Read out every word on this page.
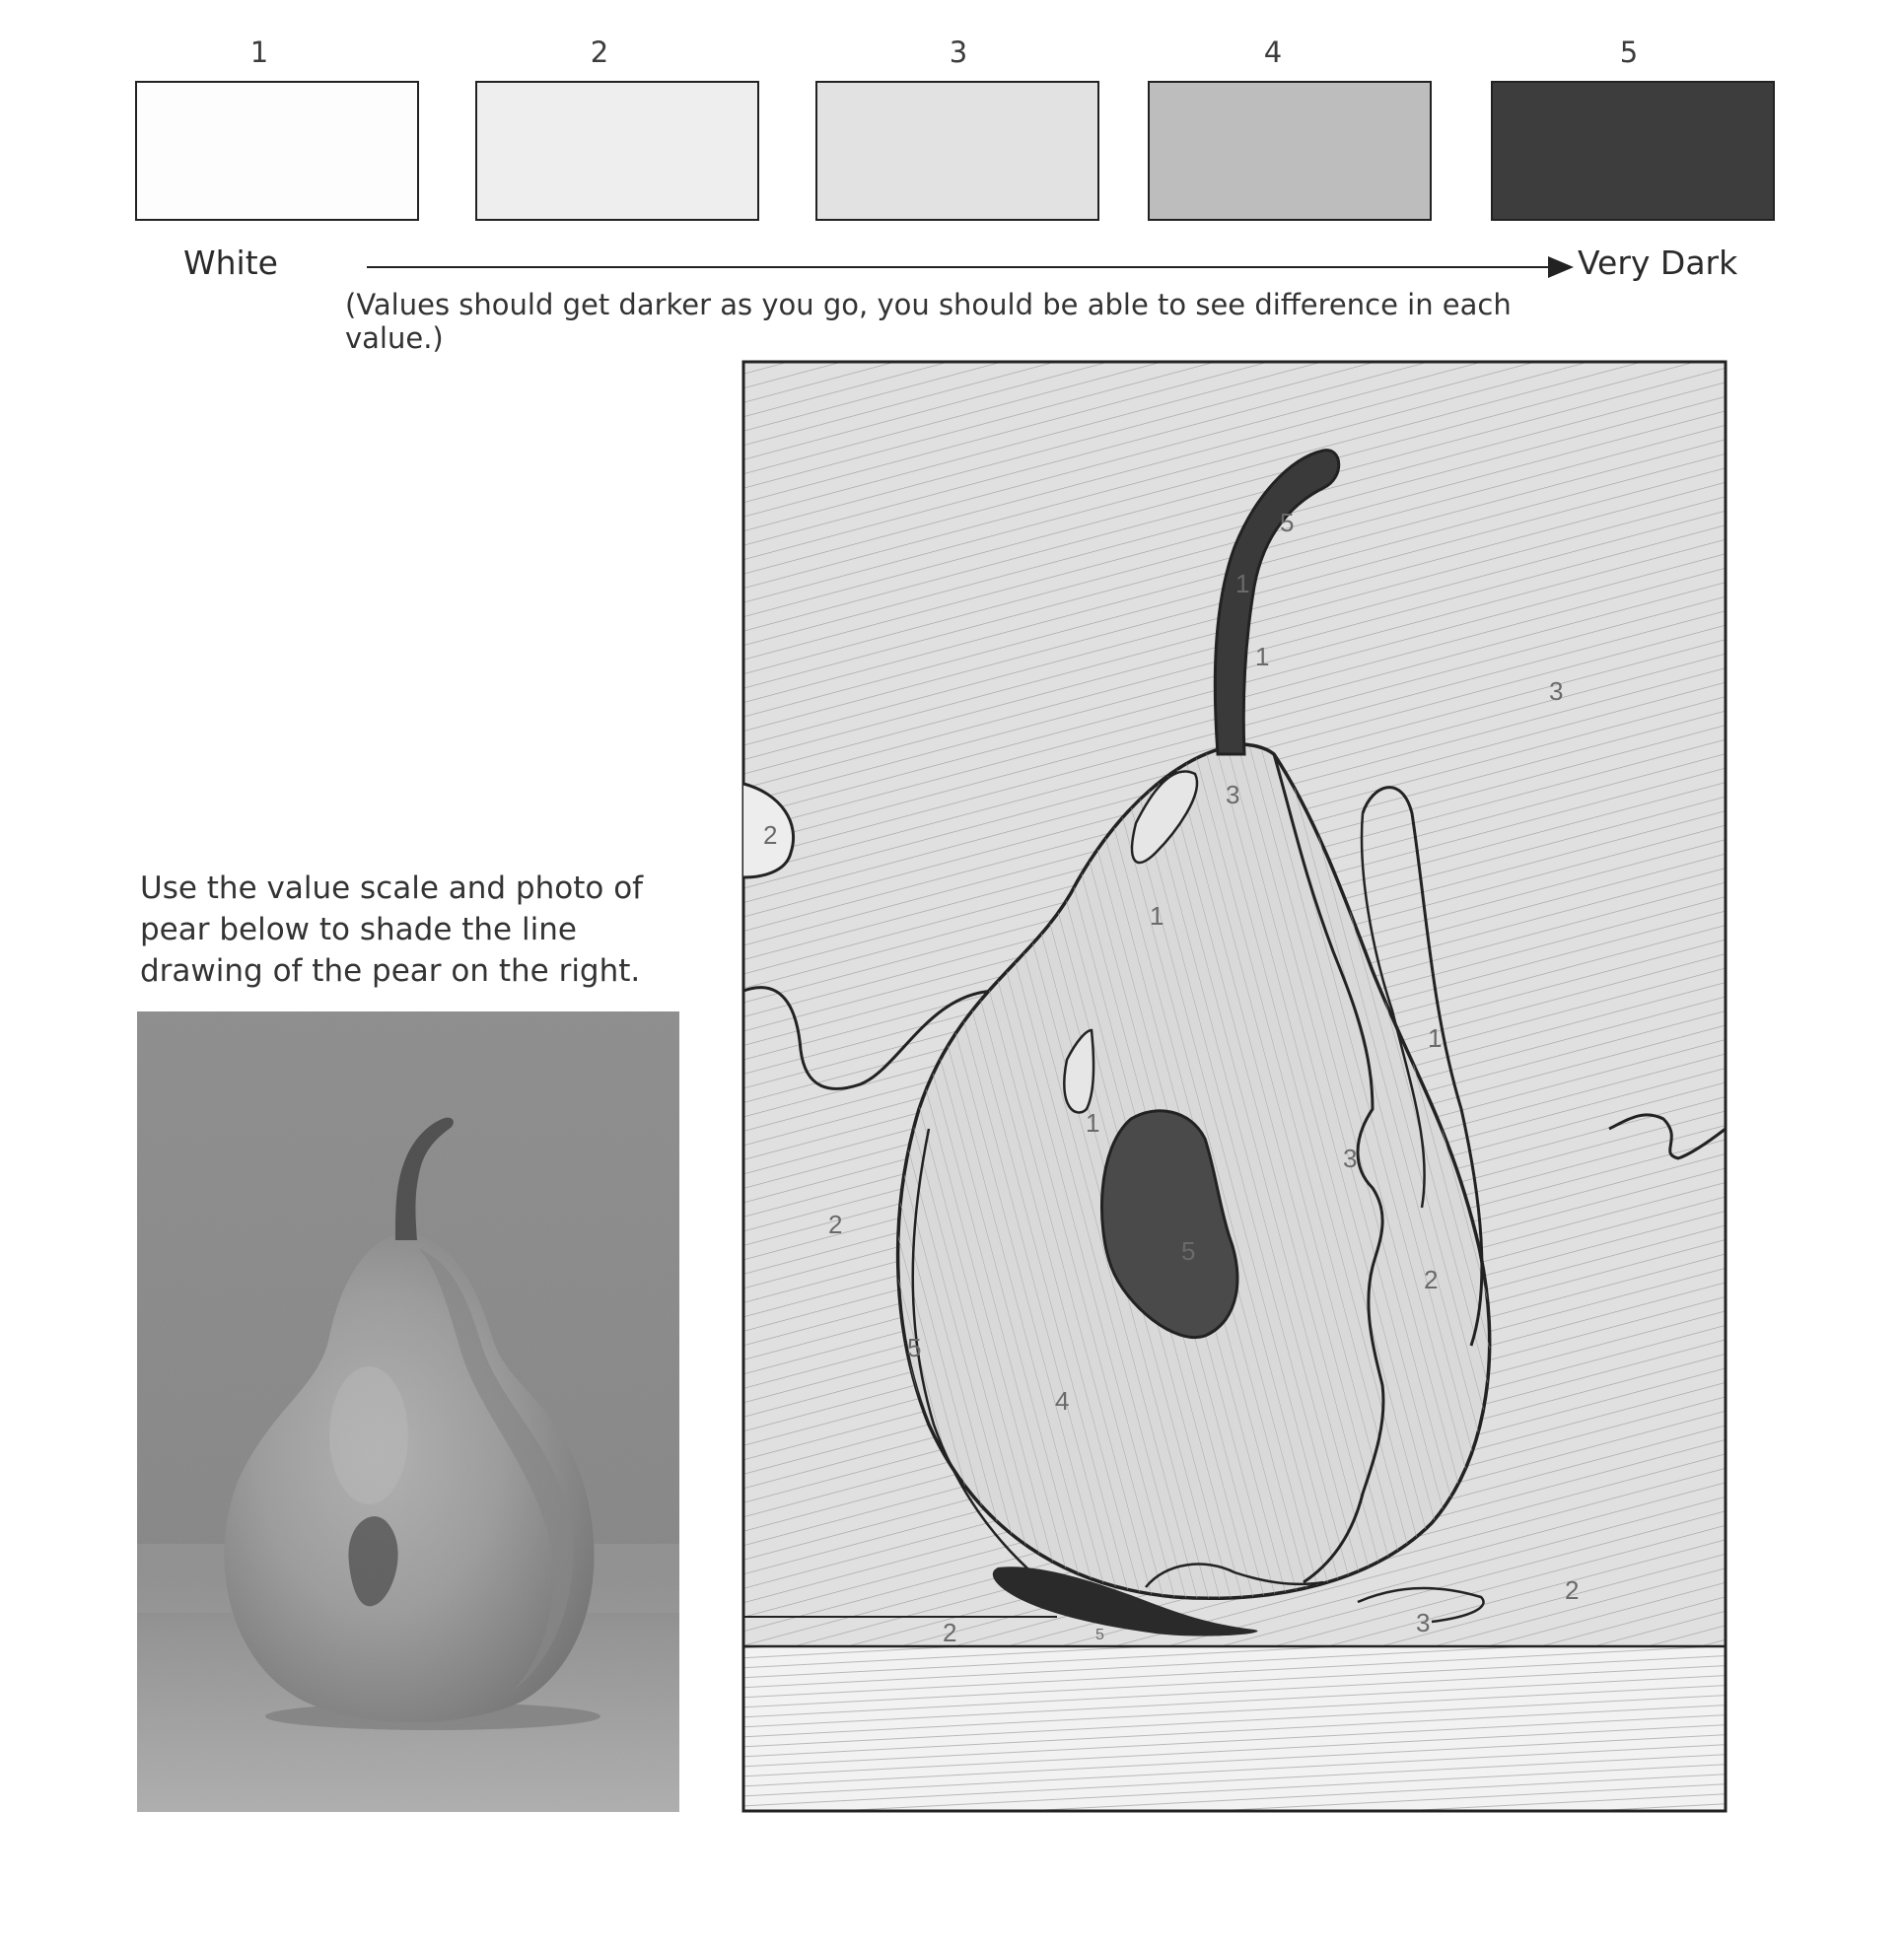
1	2	3	4	5
White	Very Dark
(Values should get darker as you go, you should be able to see difference in each value.)
Use the value scale and photo of
pear below to shade the line
drawing of the pear on the right.
5
1
1
3
3
2
1
1
1
3
5
2
2
5
4
2
3
2	5
